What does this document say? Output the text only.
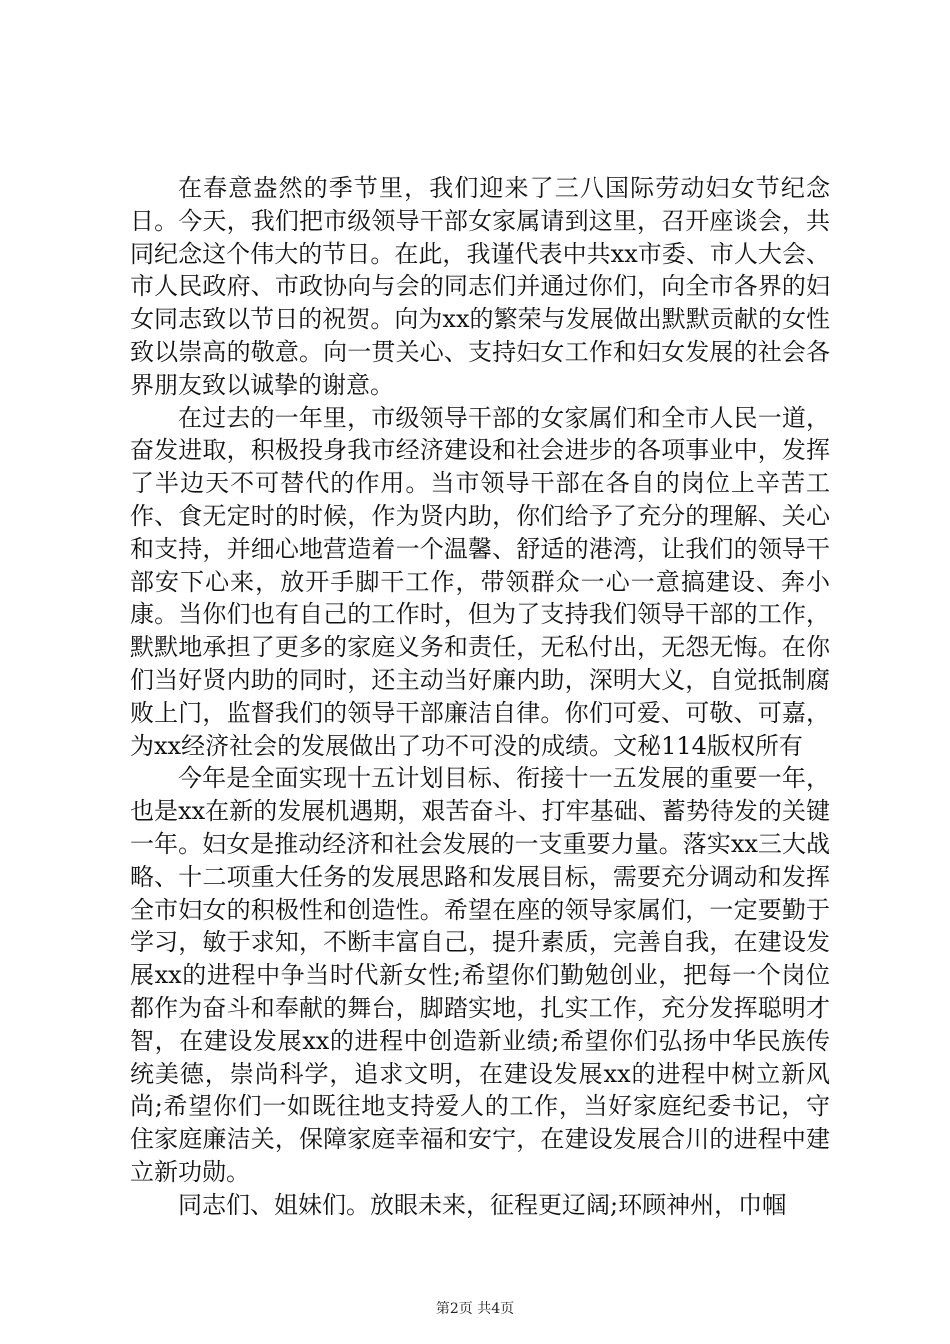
在春意盎然的季节里，我们迎来了三八国际劳动妇女节纪念日。今天，我们把市级领导干部女家属请到这里，召开座谈会，共同纪念这个伟大的节日。在此，我谨代表中共xx市委、市人大会、市人民政府、市政协向与会的同志们并通过你们，向全市各界的妇女同志致以节日的祝贺。向为xx的繁荣与发展做出默默贡献的女性致以崇高的敬意。向一贯关心、支持妇女工作和妇女发展的社会各界朋友致以诚挚的谢意。

在过去的一年里，市级领导干部的女家属们和全市人民一道，奋发进取，积极投身我市经济建设和社会进步的各项事业中，发挥了半边天不可替代的作用。当市领导干部在各自的岗位上辛苦工作、食无定时的时候，作为贤内助，你们给予了充分的理解、关心和支持，并细心地营造着一个温馨、舒适的港湾，让我们的领导干部安下心来，放开手脚干工作，带领群众一心一意搞建设、奔小康。当你们也有自己的工作时，但为了支持我们领导干部的工作，默默地承担了更多的家庭义务和责任，无私付出，无怨无悔。在你们当好贤内助的同时，还主动当好廉内助，深明大义，自觉抵制腐败上门，监督我们的领导干部廉洁自律。你们可爱、可敬、可嘉，为xx经济社会的发展做出了功不可没的成绩。文秘114版权所有

今年是全面实现十五计划目标、衔接十一五发展的重要一年，也是xx在新的发展机遇期，艰苦奋斗、打牢基础、蓄势待发的关键一年。妇女是推动经济和社会发展的一支重要力量。落实xx三大战略、十二项重大任务的发展思路和发展目标，需要充分调动和发挥全市妇女的积极性和创造性。希望在座的领导家属们，一定要勤于学习，敏于求知，不断丰富自己，提升素质，完善自我，在建设发展xx的进程中争当时代新女性;希望你们勤勉创业，把每一个岗位都作为奋斗和奉献的舞台，脚踏实地，扎实工作，充分发挥聪明才智，在建设发展xx的进程中创造新业绩;希望你们弘扬中华民族传统美德，崇尚科学，追求文明，在建设发展xx的进程中树立新风尚;希望你们一如既往地支持爱人的工作，当好家庭纪委书记，守住家庭廉洁关，保障家庭幸福和安宁，在建设发展合川的进程中建立新功勋。

同志们、姐妹们。放眼未来，征程更辽阔;环顾神州，巾帼

第2页 共4页
